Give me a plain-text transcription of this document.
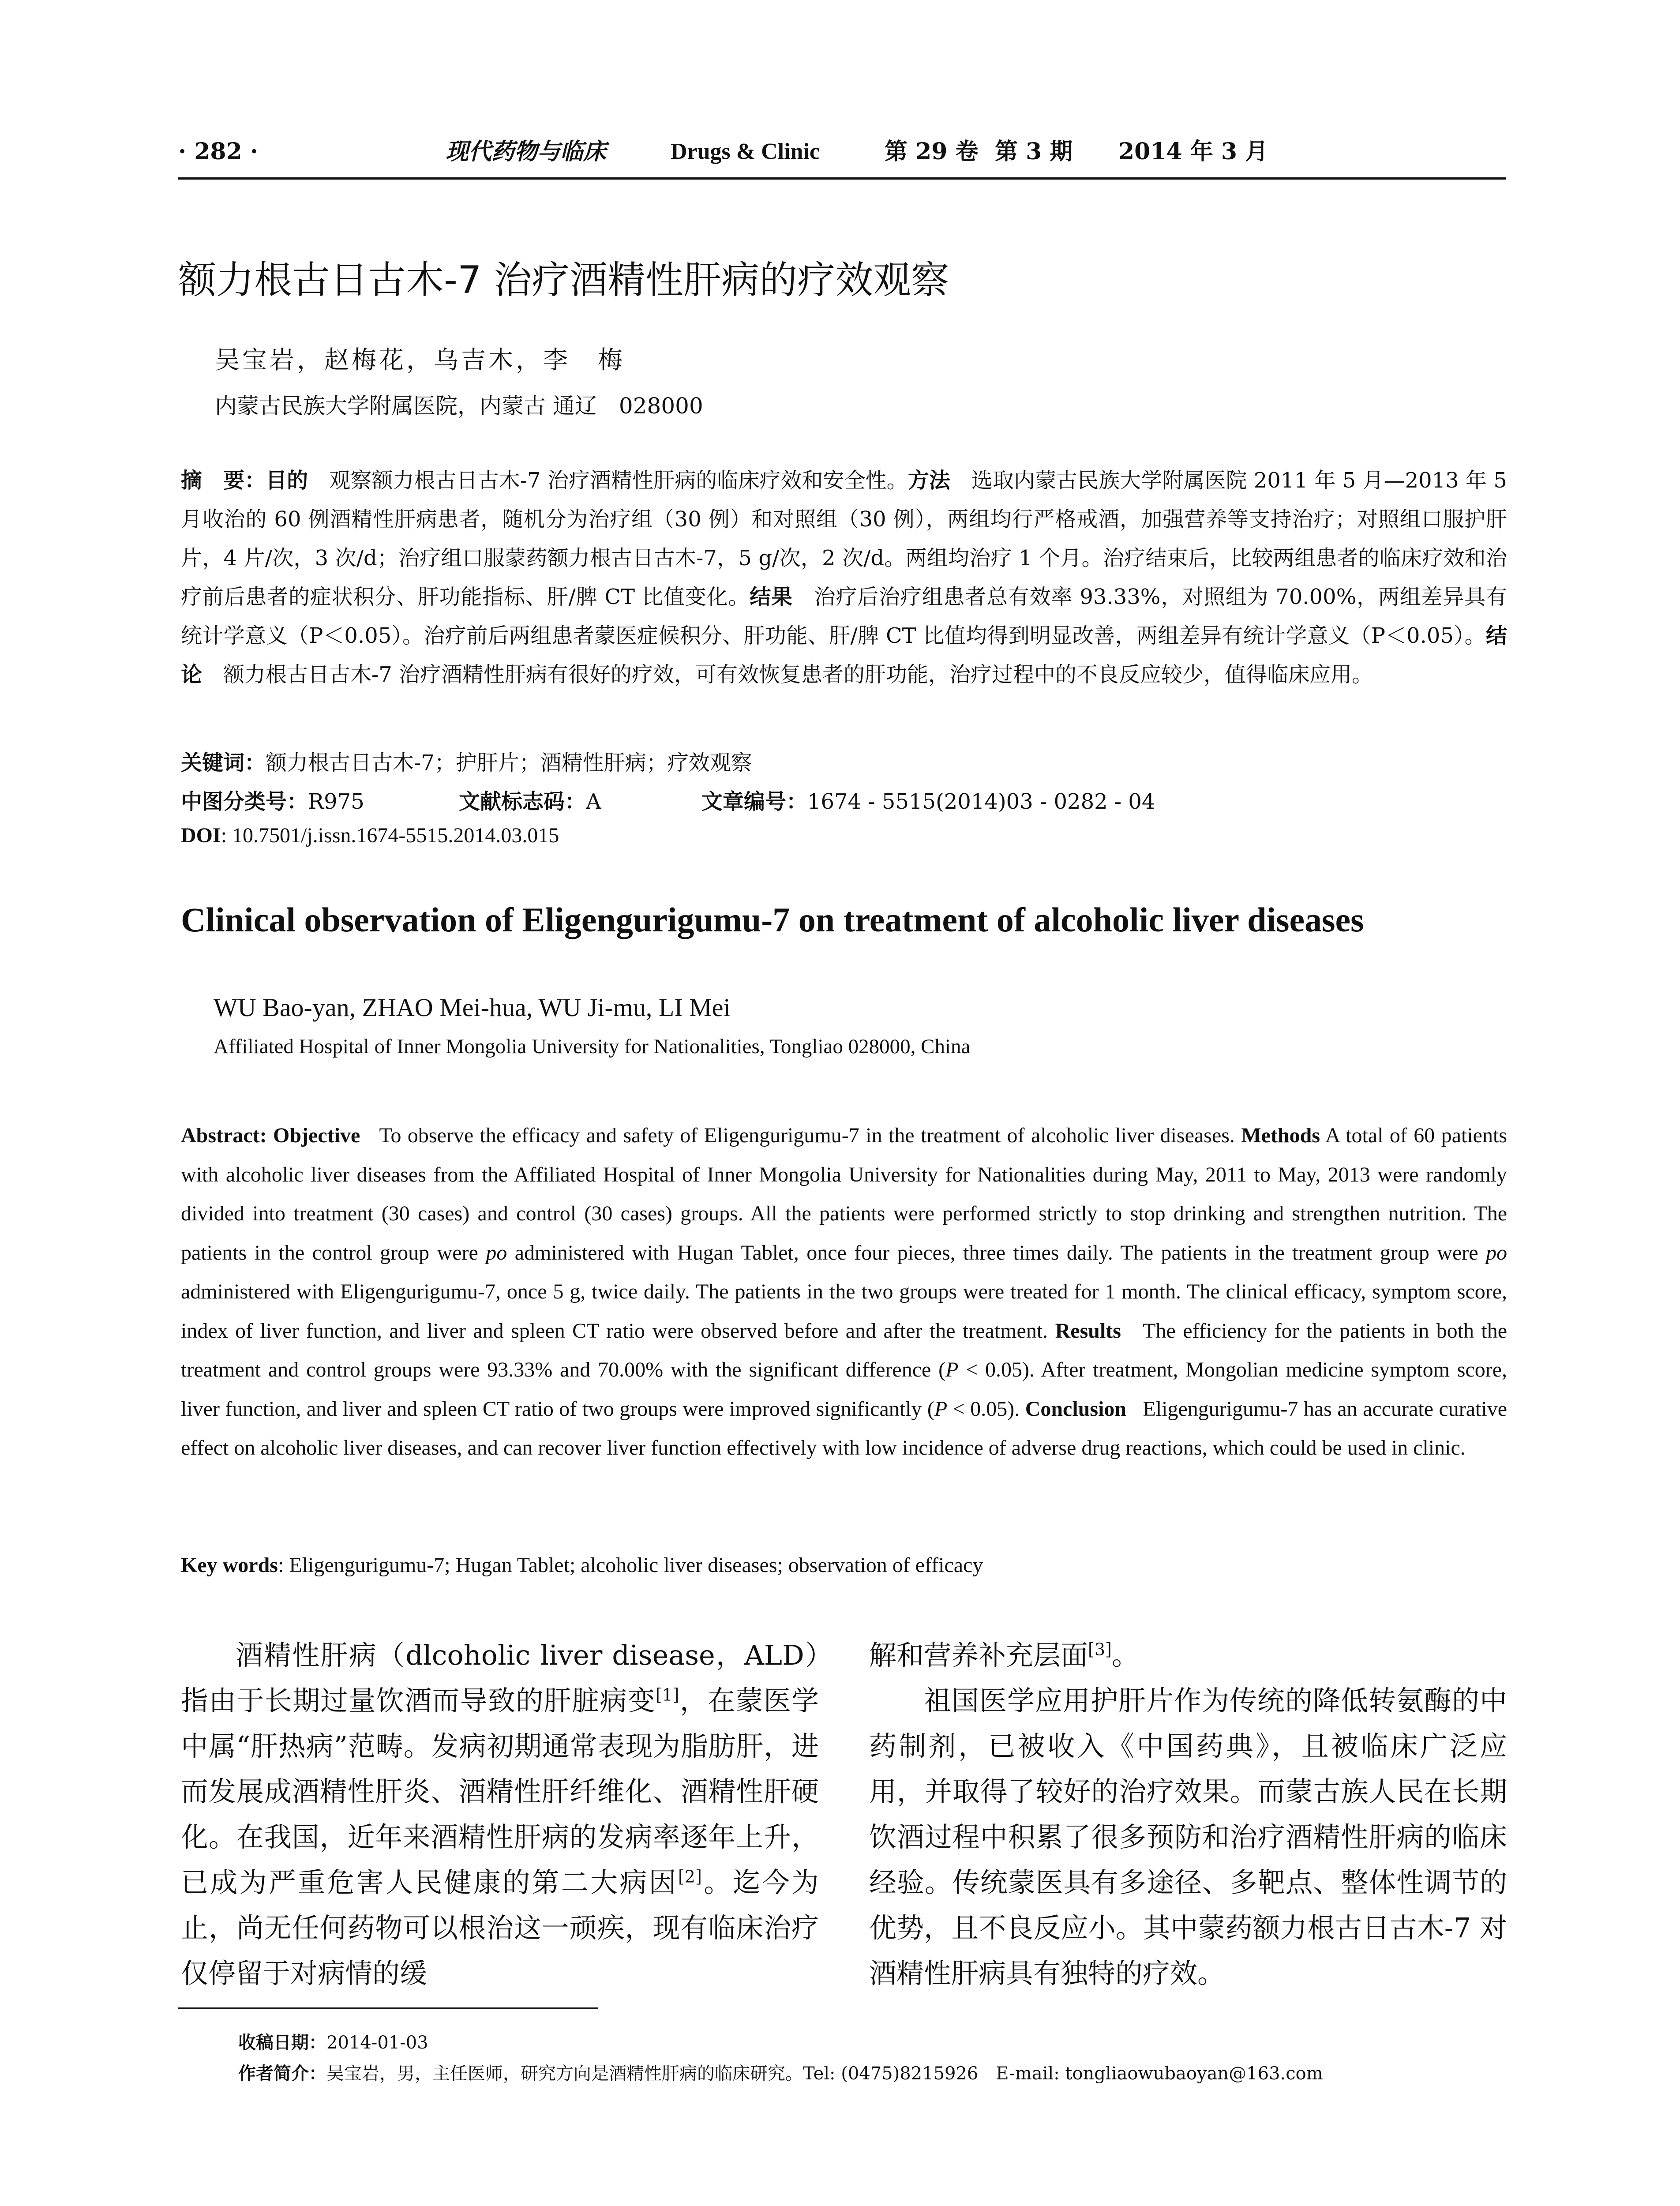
· 282 ·	现代药物与临床	Drugs & Clinic	第 29 卷 第 3 期 2014 年 3 月
额力根古日古木-7 治疗酒精性肝病的疗效观察
吴宝岩，赵梅花，乌吉木，李　梅
内蒙古民族大学附属医院，内蒙古 通辽　028000

摘　要：目的　 观察额力根古日古木-7 治疗酒精性肝病的临床疗效和安全性。方法　 选取内蒙古民族大学附属医院 2011 年 5 月—2013 年 5 月收治的 60 例酒精性肝病患者，随机分为治疗组（30 例）和对照组（30 例），两组均行严格戒酒，加强营养等支持治疗；对照组口服护肝片，4 片/次，3 次/d；治疗组口服蒙药额力根古日古木-7，5 g/次，2 次/d。两组均治疗 1 个月。治疗结束后，比较两组患者的临床疗效和治疗前后患者的症状积分、肝功能指标、肝/脾 CT 比值变化。结果　 治疗后治疗组患者总有效率 93.33%，对照组为 70.00%，两组差异具有统计学意义（P＜0.05）。治疗前后两组患者蒙医症候积分、肝功能、肝/脾 CT 比值均得到明显改善，两组差异有统计学意义（P＜0.05）。结论　 额力根古日古木-7 治疗酒精性肝病有很好的疗效，可有效恢复患者的肝功能，治疗过程中的不良反应较少，值得临床应用。

关键词：额力根古日古木-7；护肝片；酒精性肝病；疗效观察
中图分类号：R975	文献标志码：A	文章编号：1674 - 5515(2014)03 - 0282 - 04
DOI: 10.7501/j.issn.1674-5515.2014.03.015
Clinical observation of Eligengurigumu-7 on treatment of alcoholic liver diseases
WU Bao-yan, ZHAO Mei-hua, WU Ji-mu, LI Mei
Affiliated Hospital of Inner Mongolia University for Nationalities, Tongliao 028000, China

Abstract: Objective To observe the efficacy and safety of Eligengurigumu-7 in the treatment of alcoholic liver diseases. Methods A total of 60 patients with alcoholic liver diseases from the Affiliated Hospital of Inner Mongolia University for Nationalities during May, 2011 to May, 2013 were randomly divided into treatment (30 cases) and control (30 cases) groups. All the patients were performed strictly to stop drinking and strengthen nutrition. The patients in the control group were po administered with Hugan Tablet, once four pieces, three times daily. The patients in the treatment group were po administered with Eligengurigumu-7, once 5 g, twice daily. The patients in the two groups were treated for 1 month. The clinical efficacy, symptom score, index of liver function, and liver and spleen CT ratio were observed before and after the treatment. Results The efficiency for the patients in both the treatment and control groups were 93.33% and 70.00% with the significant difference (P < 0.05). After treatment, Mongolian medicine symptom score, liver function, and liver and spleen CT ratio of two groups were improved significantly (P < 0.05). Conclusion Eligengurigumu-7 has an accurate curative effect on alcoholic liver diseases, and can recover liver function effectively with low incidence of adverse drug reactions, which could be used in clinic.

Key words: Eligengurigumu-7; Hugan Tablet; alcoholic liver diseases; observation of efficacy

酒精性肝病（dlcoholic liver disease，ALD）指由于长期过量饮酒而导致的肝脏病变[1]，在蒙医学中属“肝热病”范畴。发病初期通常表现为脂肪肝，进而发展成酒精性肝炎、酒精性肝纤维化、酒精性肝硬化。在我国，近年来酒精性肝病的发病率逐年上升，已成为严重危害人民健康的第二大病因[2]。迄今为止，尚无任何药物可以根治这一顽疾，现有临床治疗仅停留于对病情的缓

解和营养补充层面[3]。

祖国医学应用护肝片作为传统的降低转氨酶的中药制剂，已被收入《中国药典》，且被临床广泛应用，并取得了较好的治疗效果。而蒙古族人民在长期饮酒过程中积累了很多预防和治疗酒精性肝病的临床经验。传统蒙医具有多途径、多靶点、整体性调节的优势，且不良反应小。其中蒙药额力根古日古木-7 对酒精性肝病具有独特的疗效。

收稿日期：2014-01-03
作者简介：吴宝岩，男，主任医师，研究方向是酒精性肝病的临床研究。Tel: (0475)8215926　E-mail: tongliaowubaoyan@163.com
